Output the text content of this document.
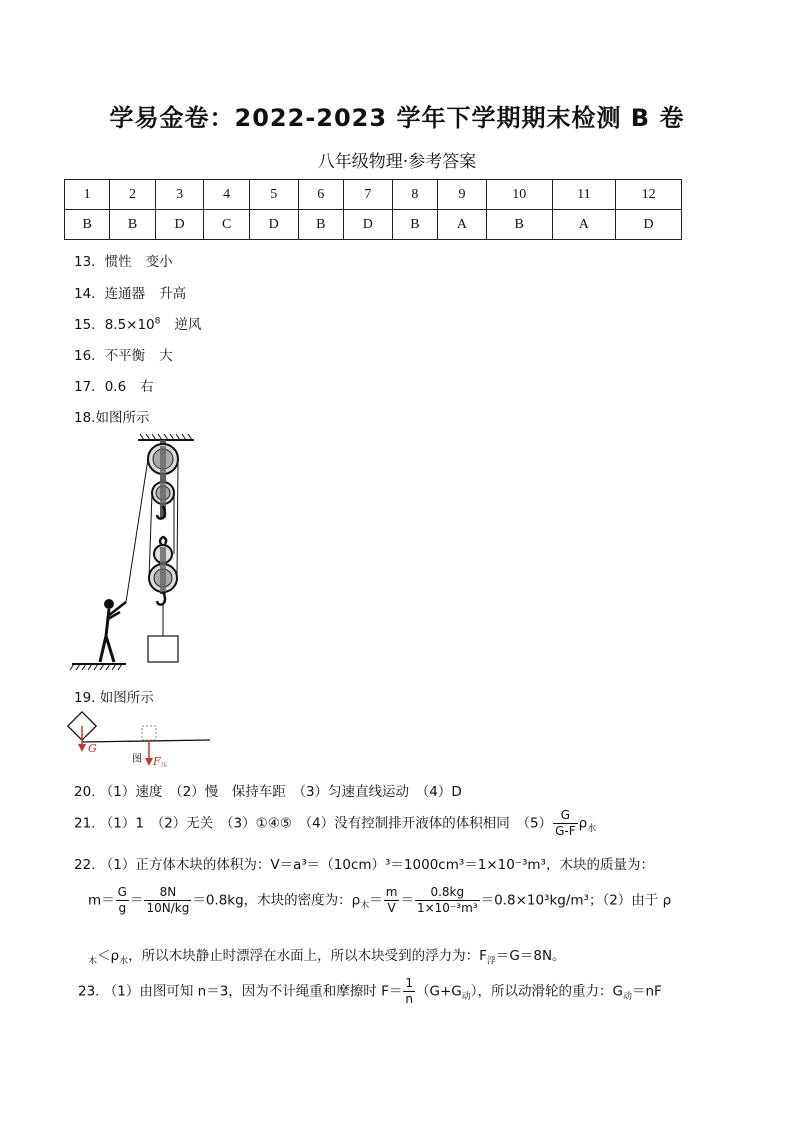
学易金卷：2022-2023 学年下学期期末检测 B 卷
八年级物理·参考答案
1	2	3	4	5	6	7	8	9	10	11	12
B	B	D	C	D	B	D	B	A	B	A	D
13．惯性 变小
14．连通器 升高
15．$8.5\times 10^8$ 逆风
16．不平衡 大
17．0.6 右
18.如图所示
19. 如图所示
G
F 压
图
20. （1）速度　（2）慢　保持车距　（3）匀速直线运动　（4）D
21. （1）1　（2）无关　（3）①④⑤　（4）没有控制排开液体的体积相同　$(5) \frac{G}{G-F} \rho_水$
22. （1）正方体木块的体积为：V＝a³＝（10cm）³＝1000cm³＝1×10⁻³m³，木块的质量为：
$m= \frac{G}{g} = \frac{8N}{10N/kg} =0.8kg$，木块的密度为：$\rho_木= \frac{m}{V} = \frac{0.8kg}{\text{1×10⁻³m³}} =0.8\times 10^3kg/m^3$；（2）由于 ρ
$_木<\rho_水$，所以木块静止时漂浮在水面上，所以木块受到的浮力为：$F_浮=G=8N$。
23. （1）由图可知 n＝3，因为不计绳重和摩擦时 $F= \frac{1}{n} (G+G_动)$，所以动滑轮的重力：$G_动=nF$
